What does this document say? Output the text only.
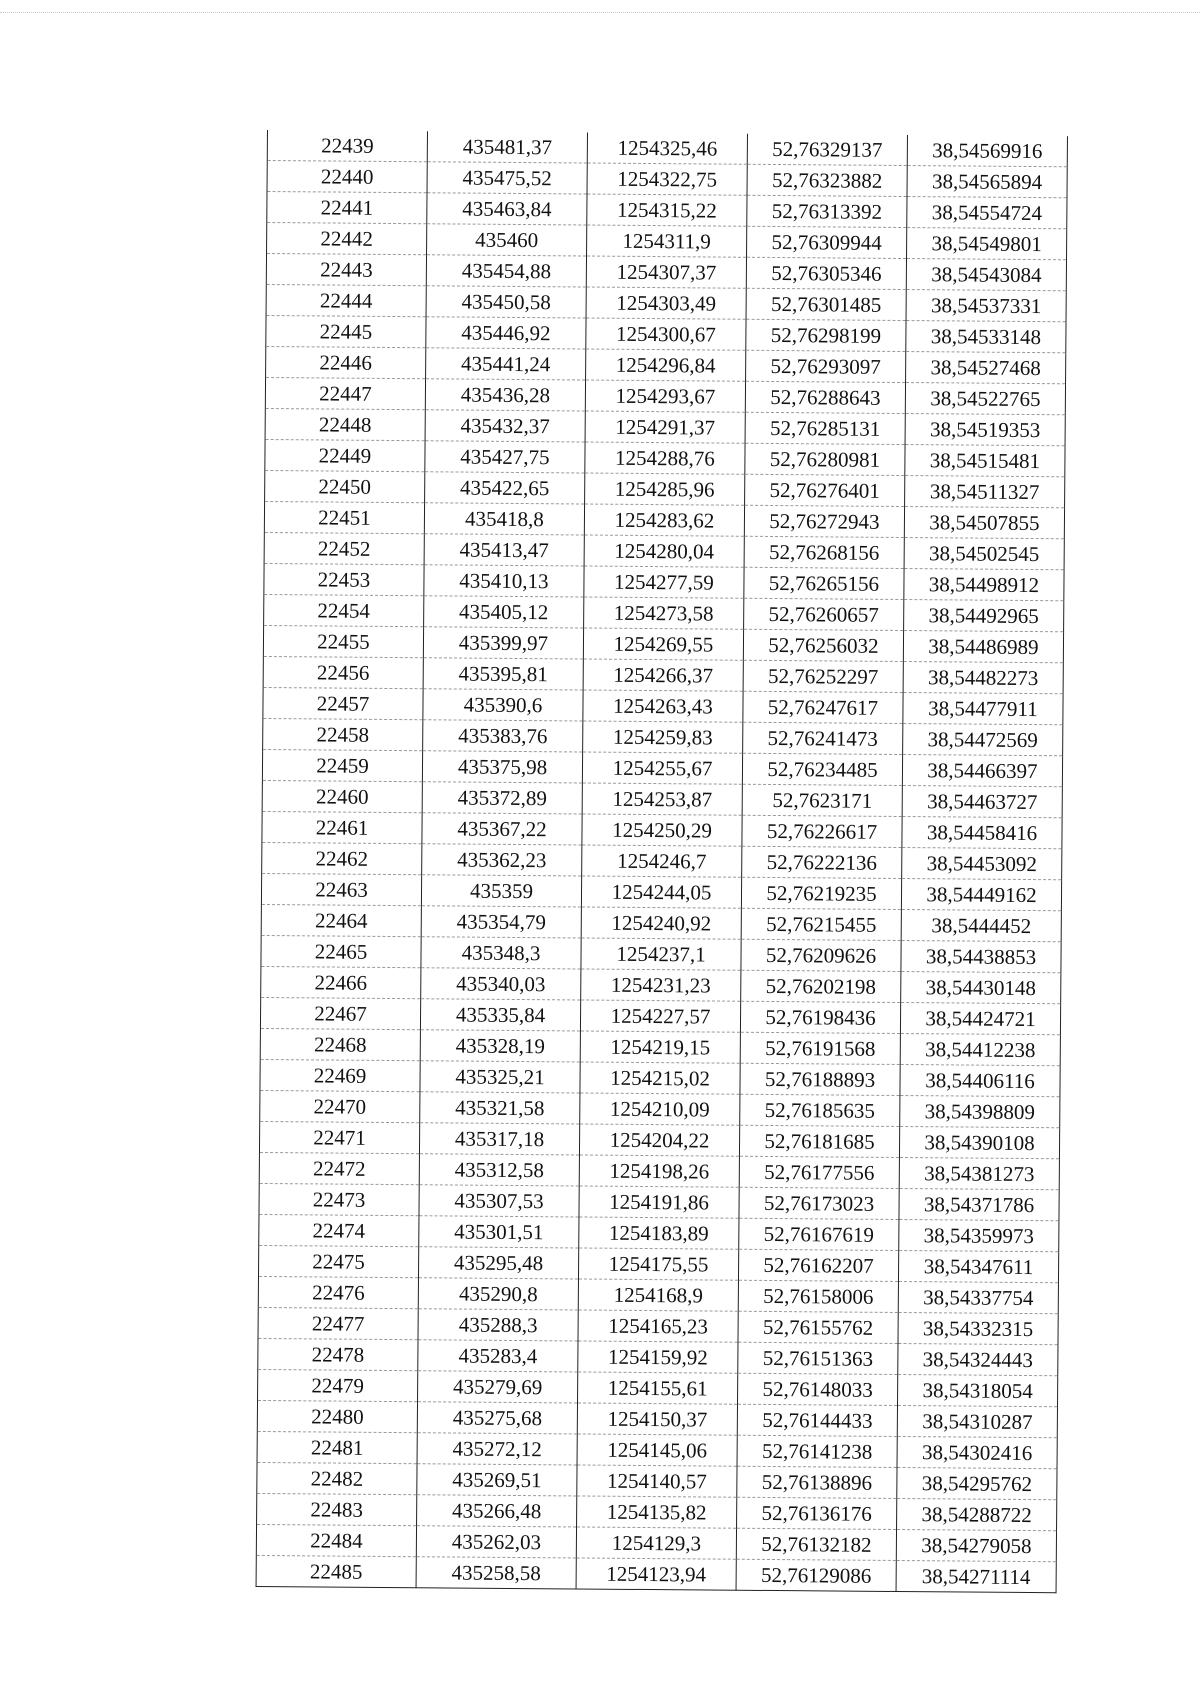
22439	435481,37	1254325,46	52,76329137	38,54569916
22440	435475,52	1254322,75	52,76323882	38,54565894
22441	435463,84	1254315,22	52,76313392	38,54554724
22442	435460	1254311,9	52,76309944	38,54549801
22443	435454,88	1254307,37	52,76305346	38,54543084
22444	435450,58	1254303,49	52,76301485	38,54537331
22445	435446,92	1254300,67	52,76298199	38,54533148
22446	435441,24	1254296,84	52,76293097	38,54527468
22447	435436,28	1254293,67	52,76288643	38,54522765
22448	435432,37	1254291,37	52,76285131	38,54519353
22449	435427,75	1254288,76	52,76280981	38,54515481
22450	435422,65	1254285,96	52,76276401	38,54511327
22451	435418,8	1254283,62	52,76272943	38,54507855
22452	435413,47	1254280,04	52,76268156	38,54502545
22453	435410,13	1254277,59	52,76265156	38,54498912
22454	435405,12	1254273,58	52,76260657	38,54492965
22455	435399,97	1254269,55	52,76256032	38,54486989
22456	435395,81	1254266,37	52,76252297	38,54482273
22457	435390,6	1254263,43	52,76247617	38,54477911
22458	435383,76	1254259,83	52,76241473	38,54472569
22459	435375,98	1254255,67	52,76234485	38,54466397
22460	435372,89	1254253,87	52,7623171	38,54463727
22461	435367,22	1254250,29	52,76226617	38,54458416
22462	435362,23	1254246,7	52,76222136	38,54453092
22463	435359	1254244,05	52,76219235	38,54449162
22464	435354,79	1254240,92	52,76215455	38,5444452
22465	435348,3	1254237,1	52,76209626	38,54438853
22466	435340,03	1254231,23	52,76202198	38,54430148
22467	435335,84	1254227,57	52,76198436	38,54424721
22468	435328,19	1254219,15	52,76191568	38,54412238
22469	435325,21	1254215,02	52,76188893	38,54406116
22470	435321,58	1254210,09	52,76185635	38,54398809
22471	435317,18	1254204,22	52,76181685	38,54390108
22472	435312,58	1254198,26	52,76177556	38,54381273
22473	435307,53	1254191,86	52,76173023	38,54371786
22474	435301,51	1254183,89	52,76167619	38,54359973
22475	435295,48	1254175,55	52,76162207	38,54347611
22476	435290,8	1254168,9	52,76158006	38,54337754
22477	435288,3	1254165,23	52,76155762	38,54332315
22478	435283,4	1254159,92	52,76151363	38,54324443
22479	435279,69	1254155,61	52,76148033	38,54318054
22480	435275,68	1254150,37	52,76144433	38,54310287
22481	435272,12	1254145,06	52,76141238	38,54302416
22482	435269,51	1254140,57	52,76138896	38,54295762
22483	435266,48	1254135,82	52,76136176	38,54288722
22484	435262,03	1254129,3	52,76132182	38,54279058
22485	435258,58	1254123,94	52,76129086	38,54271114
